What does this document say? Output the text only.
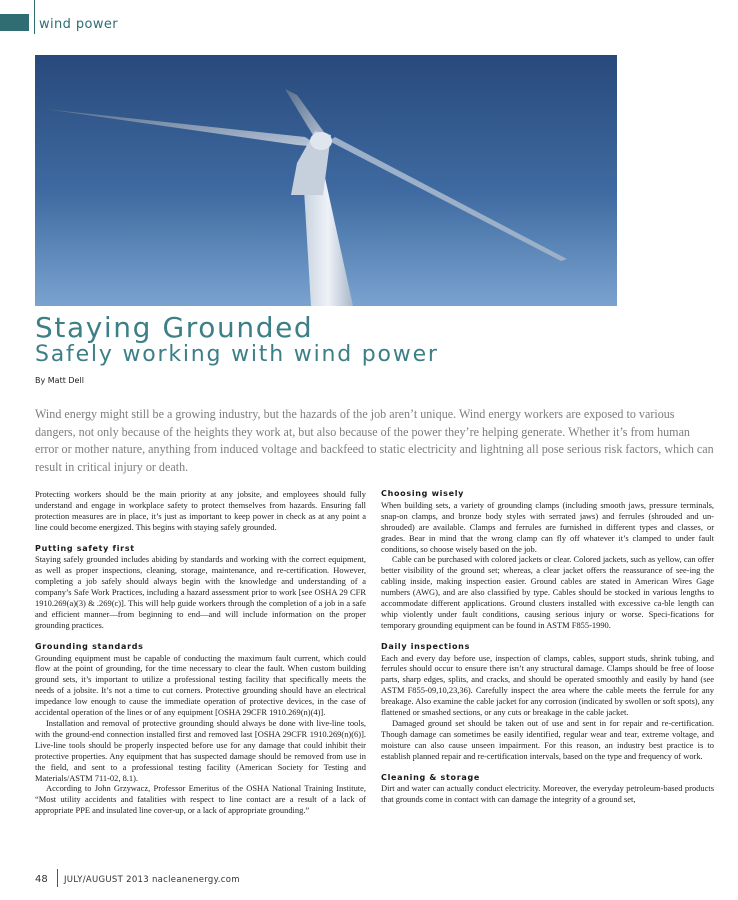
wind power
Staying Grounded
Safely working with wind power
By Matt Dell

Wind energy might still be a growing industry, but the hazards of the job aren’t unique. Wind energy workers are exposed to various dangers, not only because of the heights they work at, but also because of the power they’re helping generate. Whether it’s from human error or mother nature, anything from induced voltage and backfeed to static electricity and lightning all pose serious risk factors, which can result in critical injury or death.

Protecting workers should be the main priority at any jobsite, and employees should fully understand and engage in workplace safety to protect themselves from hazards. Ensuring fall protection measures are in place, it’s just as important to keep power in check as at any point a line could become energized. This begins with staying safely grounded.

Putting safety first

Staying safely grounded includes abiding by standards and working with the correct equipment, as well as proper inspections, cleaning, storage, maintenance, and re-certification. However, completing a job safely should always begin with the knowledge and understanding of a company’s Safe Work Practices, including a hazard assessment prior to work [see OSHA 29 CFR 1910.269(a)(3) & .269(c)]. This will help guide workers through the completion of a job in a safe and efficient manner—from beginning to end—and will include information on the proper grounding practices.

Grounding standards

Grounding equipment must be capable of conducting the maximum fault current, which could flow at the point of grounding, for the time necessary to clear the fault. When custom building ground sets, it’s important to utilize a professional testing facility that specifically meets the needs of a jobsite. It’s not a time to cut corners. Protective grounding should have an electrical impedance low enough to cause the immediate operation of protective devices, in the case of accidental operation of the lines or of any equipment [OSHA 29CFR 1910.269(n)(4)].

Installation and removal of protective grounding should always be done with live-line tools, with the ground-end connection installed first and removed last [OSHA 29CFR 1910.269(n)(6)]. Live-line tools should be properly inspected before use for any damage that could inhibit their protective properties. Any equipment that has suspected damage should be removed from use in the field, and sent to a professional testing facility (American Society for Testing and Materials/ASTM 711-02, 8.1).

According to John Grzywacz, Professor Emeritus of the OSHA National Training Institute, “Most utility accidents and fatalities with respect to line contact are a result of a lack of appropriate PPE and insulated line cover-up, or a lack of appropriate grounding.”

Choosing wisely

When building sets, a variety of grounding clamps (including smooth jaws, pressure terminals, snap-on clamps, and bronze body styles with serrated jaws) and ferrules (shrouded and un-shrouded) are available. Clamps and ferrules are furnished in different types and classes, or grades. Bear in mind that the wrong clamp can fly off whatever it’s clamped to under fault conditions, so choose wisely based on the job.

Cable can be purchased with colored jackets or clear. Colored jackets, such as yellow, can offer better visibility of the ground set; whereas, a clear jacket offers the reassurance of see-ing the cabling inside, making inspection easier. Ground cables are stated in American Wires Gage numbers (AWG), and are also classified by type. Cables should be stocked in various lengths to accommodate different applications. Ground clusters installed with excessive ca-ble length can whip violently under fault conditions, causing serious injury or worse. Speci-fications for temporary grounding equipment can be found in ASTM F855-1990.

Daily inspections

Each and every day before use, inspection of clamps, cables, support studs, shrink tubing, and ferrules should occur to ensure there isn’t any structural damage. Clamps should be free of loose parts, sharp edges, splits, and cracks, and should be operated smoothly and easily by hand (see ASTM F855-09,10,23,36). Carefully inspect the area where the cable meets the ferrule for any breakage. Also examine the cable jacket for any corrosion (indicated by swollen or soft spots), any flattened or smashed sections, or any cuts or breakage in the cable jacket.

Damaged ground set should be taken out of use and sent in for repair and re-certification. Though damage can sometimes be easily identified, regular wear and tear, extreme voltage, and moisture can also cause unseen impairment. For this reason, an industry best practice is to establish planned repair and re-certification intervals, based on the type and frequency of work.

Cleaning & storage

Dirt and water can actually conduct electricity. Moreover, the everyday petroleum-based products that grounds come in contact with can damage the integrity of a ground set,

48 JULY/AUGUST 2013 nacleanenergy.com
